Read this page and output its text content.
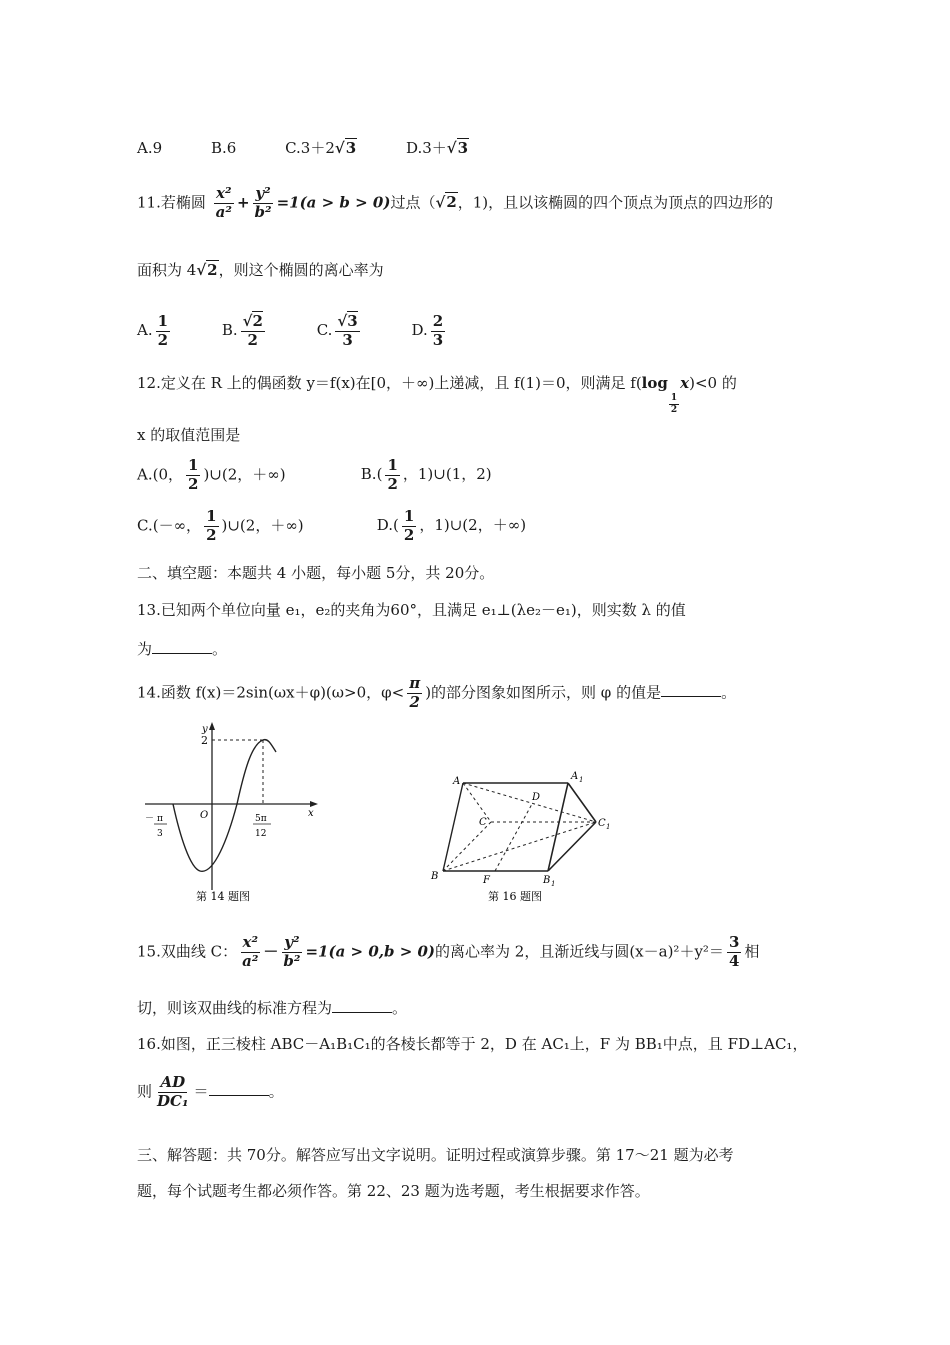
A.9	B.6	C.3＋2√3	D.3＋√3
11.若椭圆 $\frac{\text{x²}}{\text{a²}} + \frac{\text{y²}}{\text{b²}} =1(a > b > 0)$过点（√2，1)，且以该椭圆的四个顶点为顶点的四边形的
面积为 4√2，则这个椭圆的离心率为
A. $\frac{1}{2}$	B. $\frac{√2}{2}$	C. $\frac{√3}{3}$	D. $\frac{2}{3}$
12.定义在 R 上的偶函数 y＝f(x)在[0，＋∞)上递减，且 f(1)＝0，则满足 f(log
$\frac{1}{2}$
x)<0 的
x 的取值范围是
A.(0， $\frac{1}{2}$ )∪(2，＋∞)	$B.( \frac{1}{2}$ ，1)∪(1，2)
C.(－∞， $\frac{1}{2}$ )∪(2，＋∞)	$D.( \frac{1}{2}$ ，1)∪(2，＋∞)
二、填空题：本题共 4 小题，每小题 5分，共 20分。
13.已知两个单位向量 e₁，e₂的夹角为60°，且满足 e₁⊥(λe₂－e₁)，则实数 λ 的值
为	。
14.函数 f(x)＝2sin(ωx＋φ)(ω>0，$\varphi< \frac{\pi}{2}$ )的部分图象如图所示，则 φ 的值是	。
y
x
O
2
－ π
3
5π
12
第 14 题图
A	A 1
D
C	C 1
B	F	B 1
第 16 题图
15.双曲线 C： $\frac{\text{x²}}{\text{a²}} - \frac{\text{y²}}{\text{b²}} =1(a > 0,b > 0)$的离心率为 2，且渐近线与圆$(x-a)^2+y^2= \frac{3}{4}$ 相
切，则该双曲线的标准方程为	。
16.如图，正三棱柱 ABC－A₁B₁C₁的各棱长都等于 2，D 在 AC₁上，F 为 BB₁中点，且 FD⊥AC₁，
则 $\frac{AD}{\text{DC₁}}$ ＝	。
三、解答题：共 70分。解答应写出文字说明。证明过程或演算步骤。第 17～21 题为必考
题，每个试题考生都必须作答。第 22、23 题为选考题，考生根据要求作答。
